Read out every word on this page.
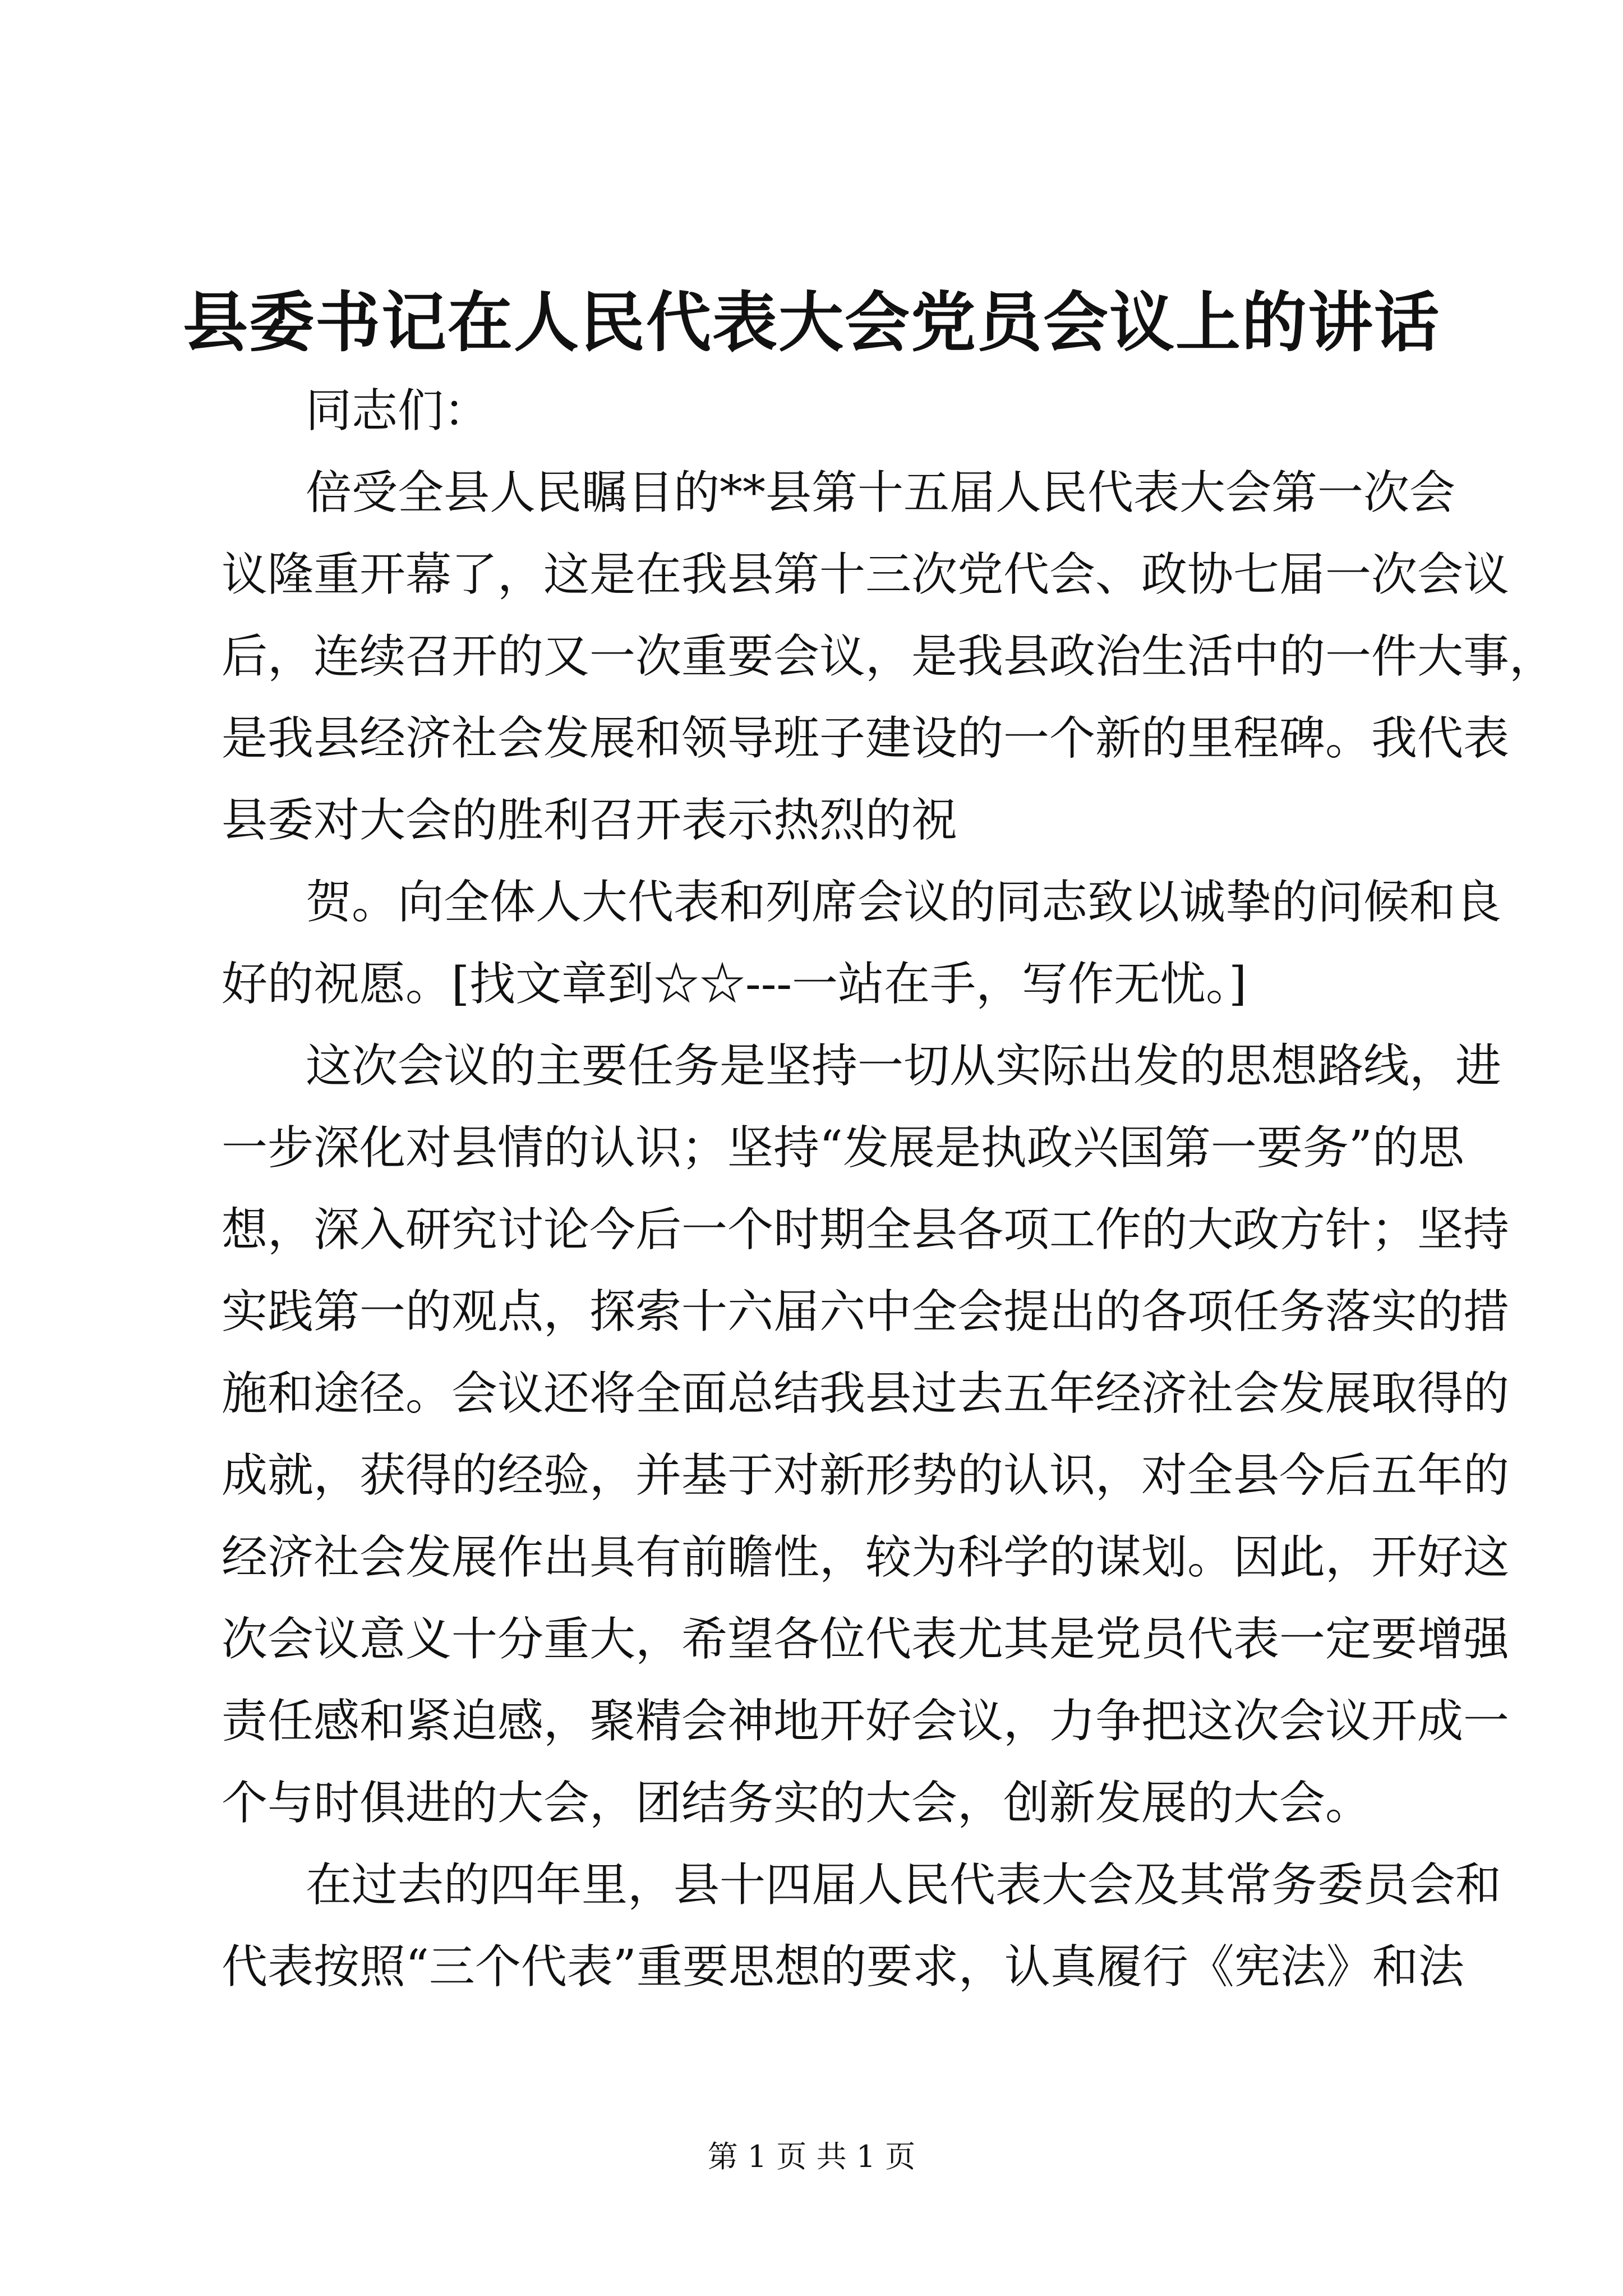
县委书记在人民代表大会党员会议上的讲话
同志们：
倍受全县人民瞩目的**县第十五届人民代表大会第一次会
议隆重开幕了，这是在我县第十三次党代会、政协七届一次会议
后，连续召开的又一次重要会议，是我县政治生活中的一件大事，
是我县经济社会发展和领导班子建设的一个新的里程碑。我代表
县委对大会的胜利召开表示热烈的祝
贺。向全体人大代表和列席会议的同志致以诚挚的问候和良
好的祝愿。[找文章到☆☆---一站在手，写作无忧。]
这次会议的主要任务是坚持一切从实际出发的思想路线，进
一步深化对县情的认识；坚持“发展是执政兴国第一要务”的思
想，深入研究讨论今后一个时期全县各项工作的大政方针；坚持
实践第一的观点，探索十六届六中全会提出的各项任务落实的措
施和途径。会议还将全面总结我县过去五年经济社会发展取得的
成就，获得的经验，并基于对新形势的认识，对全县今后五年的
经济社会发展作出具有前瞻性，较为科学的谋划。因此，开好这
次会议意义十分重大，希望各位代表尤其是党员代表一定要增强
责任感和紧迫感，聚精会神地开好会议，力争把这次会议开成一
个与时俱进的大会，团结务实的大会，创新发展的大会。
在过去的四年里，县十四届人民代表大会及其常务委员会和
代表按照“三个代表”重要思想的要求，认真履行《宪法》和法
第 1 页 共 1 页
